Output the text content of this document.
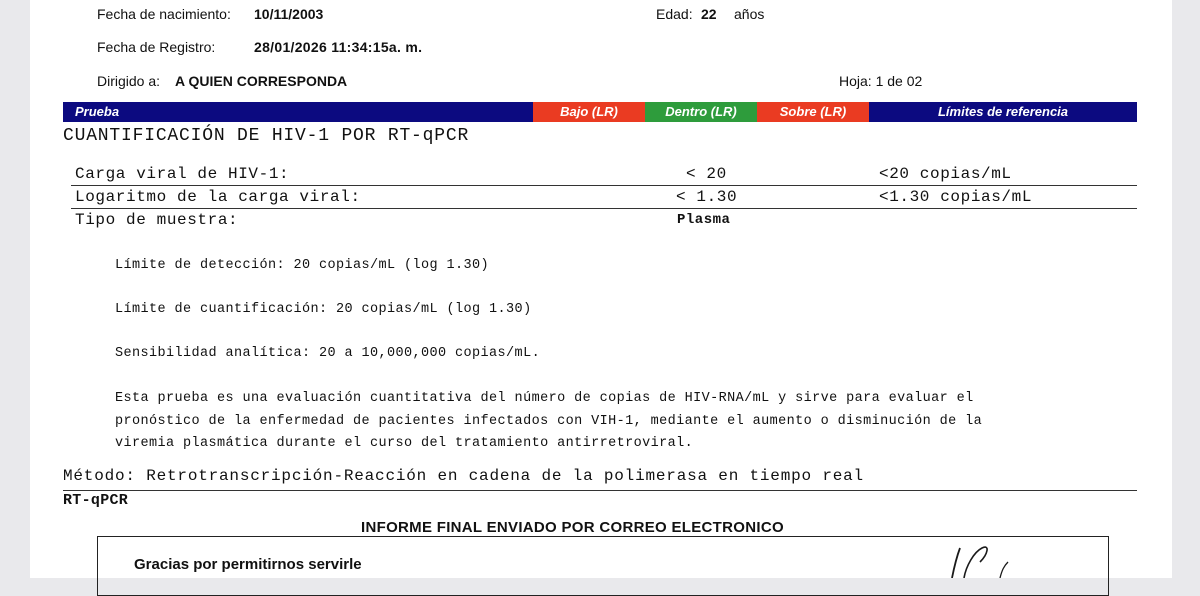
Fecha de nacimiento: 10/11/2003	Edad: 22 años
Fecha de Registro:	28/01/2026 11:34:15a. m.
Dirigido a: A QUIEN CORRESPONDA	Hoja: 1 de 02
Prueba	Bajo (LR)	Dentro (LR)	Sobre (LR)	Límites de referencia
CUANTIFICACIÓN DE HIV-1 POR RT-qPCR
Carga viral de HIV-1:	< 20	<20 copias/mL
Logaritmo de la carga viral:	< 1.30	<1.30 copias/mL
Tipo de muestra:	Plasma
Límite de detección: 20 copias/mL (log 1.30)
Límite de cuantificación: 20 copias/mL (log 1.30)
Sensibilidad analítica: 20 a 10,000,000 copias/mL.
Esta prueba es una evaluación cuantitativa del número de copias de HIV-RNA/mL y sirve para evaluar el
pronóstico de la enfermedad de pacientes infectados con VIH-1, mediante el aumento o disminución de la
viremia plasmática durante el curso del tratamiento antirretroviral.
Método: Retrotranscripción-Reacción en cadena de la polimerasa en tiempo real
RT-qPCR
INFORME FINAL ENVIADO POR CORREO ELECTRONICO
Gracias por permitirnos servirle
